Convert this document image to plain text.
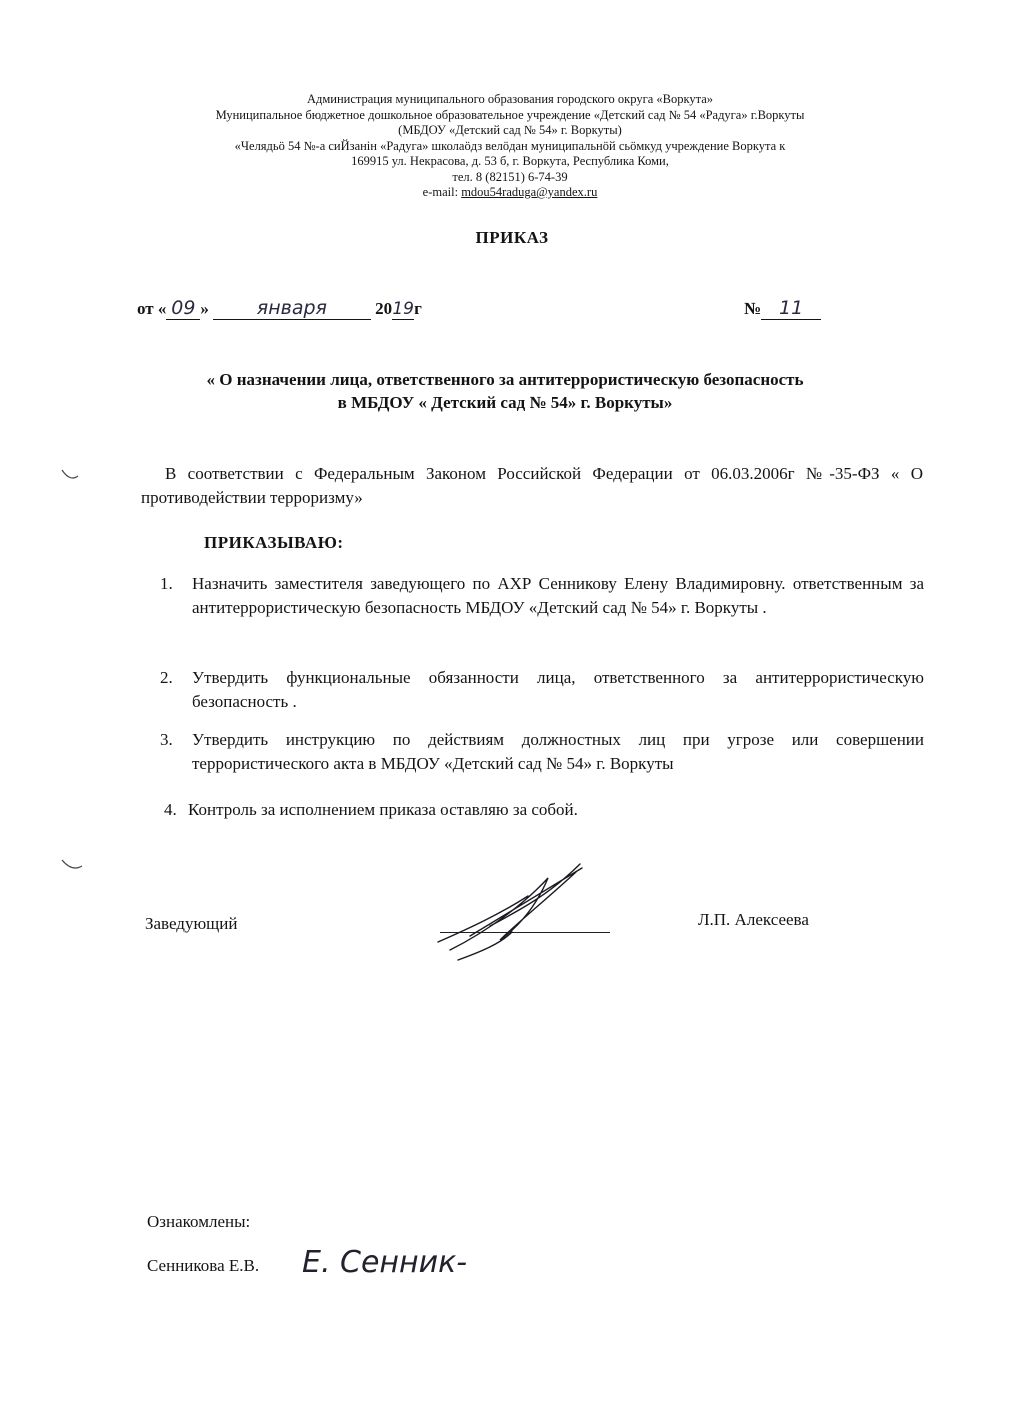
Администрация муниципального образования городского округа «Воркута»
Муниципальное бюджетное дошкольное образовательное учреждение «Детский сад № 54 «Радуга» г.Воркуты
(МБДОУ «Детский сад № 54» г. Воркуты)
«Челядьö 54 №-а сиЙзанін «Радуга» школаöдз велöдан муниципальнöй сьöмкуд учреждение Воркута к
169915 ул. Некрасова, д. 53 б, г. Воркута, Республика Коми,
тел. 8 (82151) 6-74-39
e-mail: mdou54raduga@yandex.ru
ПРИКАЗ
от « 09 »	января	2019г	№ 11
« О назначении лица, ответственного за антитеррористическую безопасность
в МБДОУ « Детский сад № 54» г. Воркуты»
В соответствии с Федеральным Законом Российской Федерации от 06.03.2006г №-35-ФЗ « О противодействии терроризму»
ПРИКАЗЫВАЮ:
1.	Назначить заместителя заведующего по АХР Сенникову Елену Владимировну. ответственным за антитеррористическую безопасность МБДОУ «Детский сад № 54» г. Воркуты .
2.	Утвердить функциональные обязанности лица, ответственного за антитеррористическую безопасность .
3.	Утвердить инструкцию по действиям должностных лиц при угрозе или совершении террористического акта в МБДОУ «Детский сад № 54» г. Воркуты
4. Контроль за исполнением приказа оставляю за собой.
Заведующий	Л.П. Алексеева
Ознакомлены:
Сенникова Е.В. Е. Сенник-
